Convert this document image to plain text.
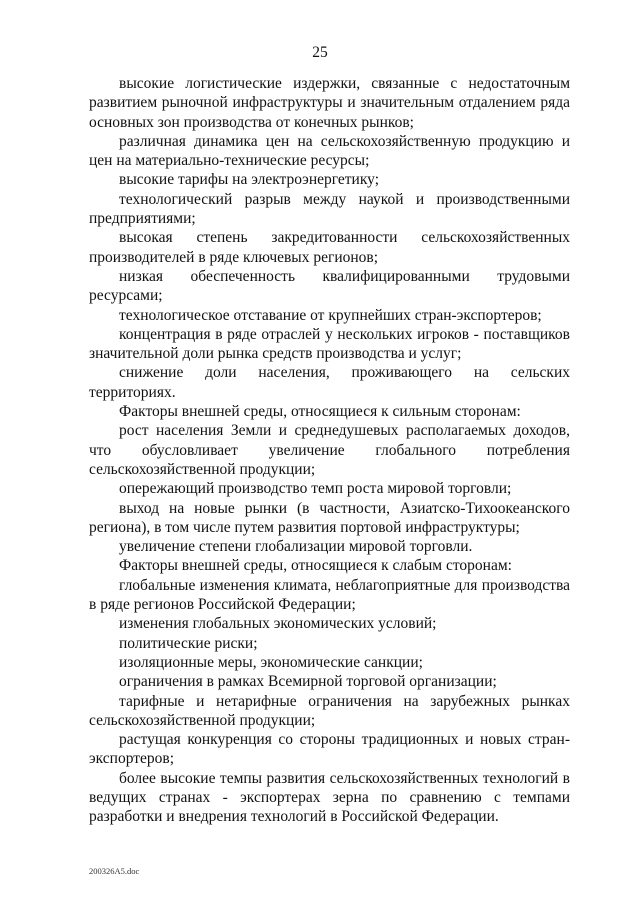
25

высокие логистические издержки, связанные с недостаточным развитием рыночной инфраструктуры и значительным отдалением ряда основных зон производства от конечных рынков;

различная динамика цен на сельскохозяйственную продукцию и цен на материально-технические ресурсы;

высокие тарифы на электроэнергетику;

технологический разрыв между наукой и производственными предприятиями;

высокая степень закредитованности сельскохозяйственных производителей в ряде ключевых регионов;

низкая обеспеченность квалифицированными трудовыми ресурсами;

технологическое отставание от крупнейших стран-экспортеров;

концентрация в ряде отраслей у нескольких игроков - поставщиков значительной доли рынка средств производства и услуг;

снижение доли населения, проживающего на сельских территориях.

Факторы внешней среды, относящиеся к сильным сторонам:

рост населения Земли и среднедушевых располагаемых доходов, что обусловливает увеличение глобального потребления сельскохозяйственной продукции;

опережающий производство темп роста мировой торговли;

выход на новые рынки (в частности, Азиатско-Тихоокеанского региона), в том числе путем развития портовой инфраструктуры;

увеличение степени глобализации мировой торговли.

Факторы внешней среды, относящиеся к слабым сторонам:

глобальные изменения климата, неблагоприятные для производства в ряде регионов Российской Федерации;

изменения глобальных экономических условий;

политические риски;

изоляционные меры, экономические санкции;

ограничения в рамках Всемирной торговой организации;

тарифные и нетарифные ограничения на зарубежных рынках сельскохозяйственной продукции;

растущая конкуренция со стороны традиционных и новых стран-экспортеров;

более высокие темпы развития сельскохозяйственных технологий в ведущих странах - экспортерах зерна по сравнению с темпами разработки и внедрения технологий в Российской Федерации.

200326A5.doc
